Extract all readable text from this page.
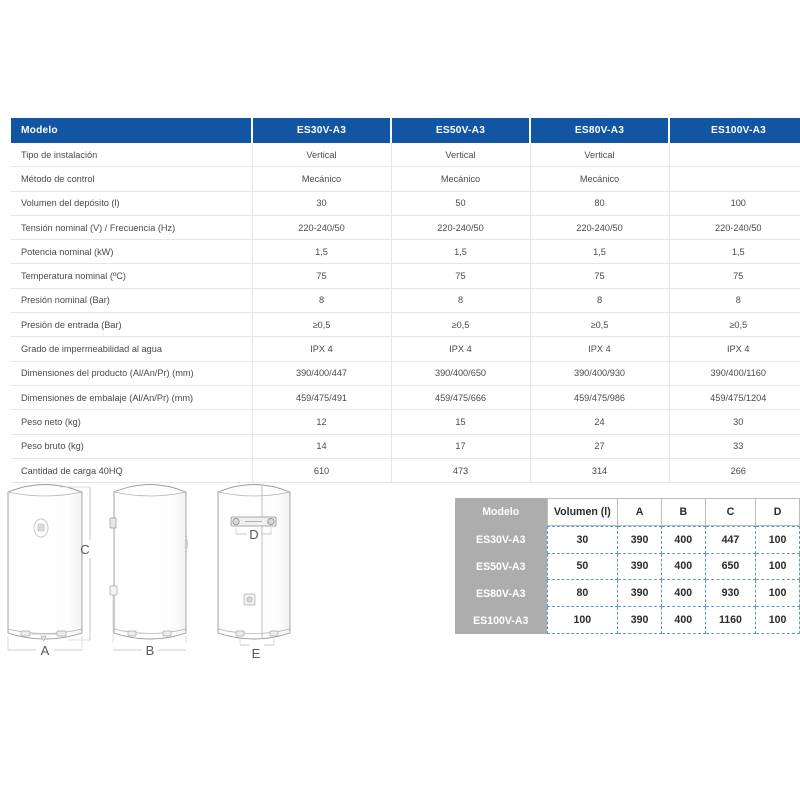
Modelo	ES30V-A3	ES50V-A3	ES80V-A3	ES100V-A3
Tipo de instalación	Vertical	Vertical	Vertical	
Método de control	Mecánico	Mecánico	Mecánico	
Volumen del depósito (l)	30	50	80	100
Tensión nominal (V) / Frecuencia (Hz)	220-240/50	220-240/50	220-240/50	220-240/50
Potencia nominal (kW)	1,5	1,5	1,5	1,5
Temperatura nominal (ºC)	75	75	75	75
Presión nominal (Bar)	8	8	8	8
Presión de entrada (Bar)	≥0,5	≥0,5	≥0,5	≥0,5
Grado de impermeabilidad al agua	IPX 4	IPX 4	IPX 4	IPX 4
Dimensiones del producto (Al/An/Pr) (mm)	390/400/447	390/400/650	390/400/930	390/400/1160
Dimensiones de embalaje (Al/An/Pr) (mm)	459/475/491	459/475/666	459/475/986	459/475/1204
Peso neto (kg)	12	15	24	30
Peso bruto (kg)	14	17	27	33
Cantidad de carga 40HQ	610	473	314	266
C
A	B
D
E
Modelo	Volumen (l)	A	B	C	D
ES30V-A3	30	390	400	447	100
ES50V-A3	50	390	400	650	100
ES80V-A3	80	390	400	930	100
ES100V-A3	100	390	400	1160	100
